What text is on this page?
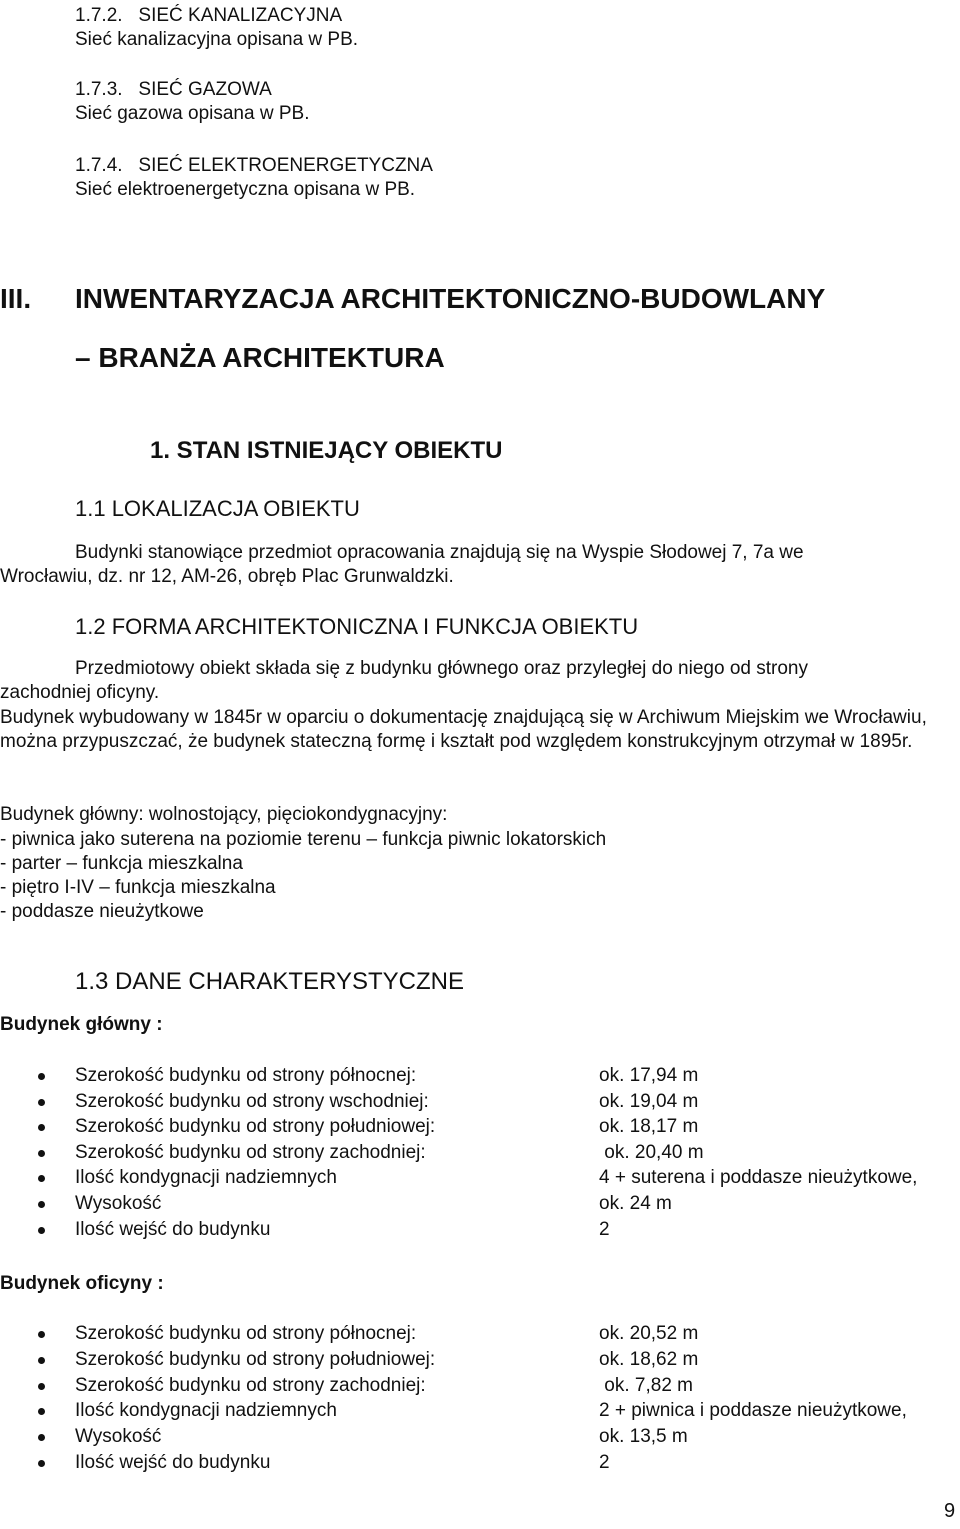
1.7.2. SIEĆ KANALIZACYJNA
Sieć kanalizacyjna opisana w PB.
1.7.3. SIEĆ GAZOWA
Sieć gazowa opisana w PB.
1.7.4. SIEĆ ELEKTROENERGETYCZNA
Sieć elektroenergetyczna opisana w PB.
III. INWENTARYZACJA ARCHITEKTONICZNO-BUDOWLANY
– BRANŻA ARCHITEKTURA
1. STAN ISTNIEJĄCY OBIEKTU
1.1 LOKALIZACJA OBIEKTU
Budynki stanowiące przedmiot opracowania znajdują się na Wyspie Słodowej 7, 7a we
Wrocławiu, dz. nr 12, AM-26, obręb Plac Grunwaldzki.
1.2 FORMA ARCHITEKTONICZNA I FUNKCJA OBIEKTU
Przedmiotowy obiekt składa się z budynku głównego oraz przyległej do niego od strony
zachodniej oficyny.
Budynek wybudowany w 1845r w oparciu o dokumentację znajdującą się w Archiwum Miejskim we Wrocławiu, można przypuszczać, że budynek stateczną formę i kształt pod względem konstrukcyjnym otrzymał w 1895r.
Budynek główny: wolnostojący, pięciokondygnacyjny:
- piwnica jako suterena na poziomie terenu – funkcja piwnic lokatorskich
- parter – funkcja mieszkalna
- piętro I-IV – funkcja mieszkalna
- poddasze nieużytkowe
1.3 DANE CHARAKTERYSTYCZNE
Budynek główny :
Szerokość budynku od strony północnej:	ok. 17,94 m
Szerokość budynku od strony wschodniej:	ok. 19,04 m
Szerokość budynku od strony południowej:	ok. 18,17 m
Szerokość budynku od strony zachodniej:	ok. 20,40 m
Ilość kondygnacji nadziemnych	4 + suterena i poddasze nieużytkowe,
Wysokość	ok. 24 m
Ilość wejść do budynku	2
Budynek oficyny :
Szerokość budynku od strony północnej:	ok. 20,52 m
Szerokość budynku od strony południowej:	ok. 18,62 m
Szerokość budynku od strony zachodniej:	ok. 7,82 m
Ilość kondygnacji nadziemnych	2 + piwnica i poddasze nieużytkowe,
Wysokość	ok. 13,5 m
Ilość wejść do budynku	2
9
